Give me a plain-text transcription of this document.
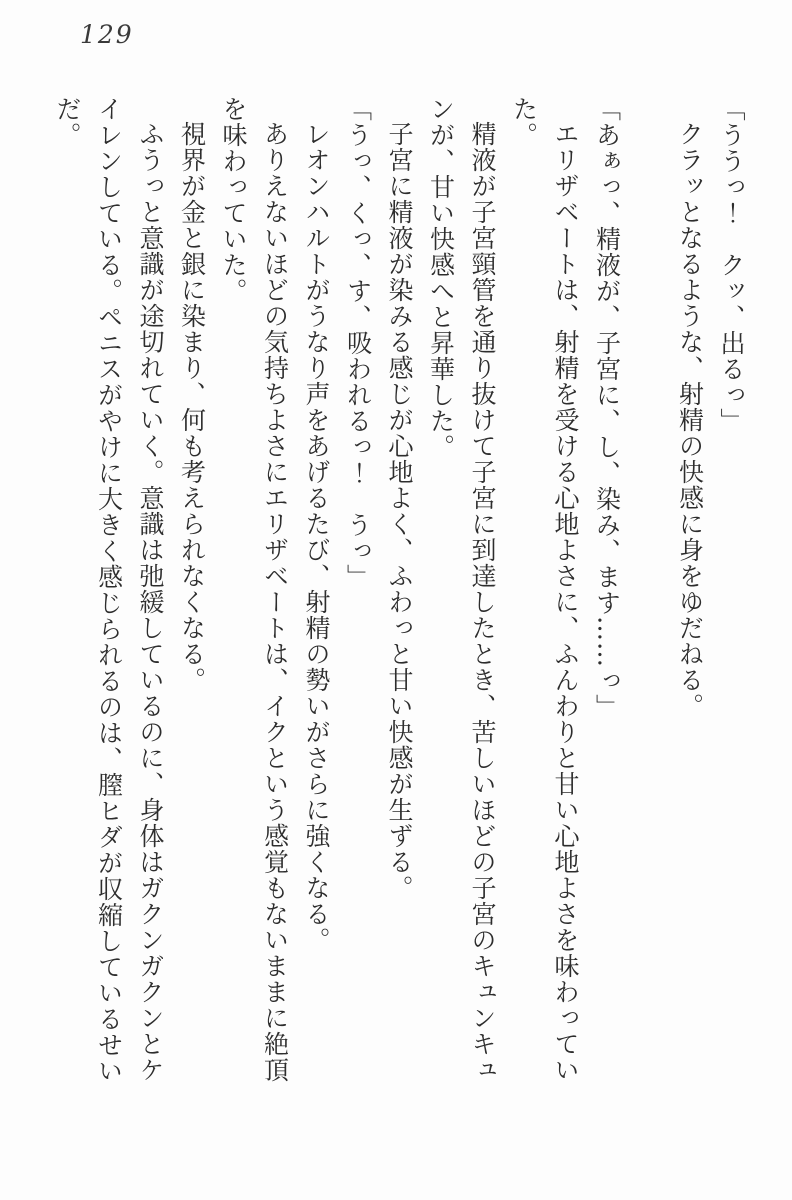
129

「ううっ！　クッ、出るっ」

クラッとなるような、射精の快感に身をゆだねる。

「あぁっ、精液が、子宮に、し、染み、ます……っ」

エリザベートは、射精を受ける心地よさに、ふんわりと甘い心地よさを味わっていた。

精液が子宮頸管を通り抜けて子宮に到達したとき、苦しいほどの子宮のキュンキュンが、甘い快感へと昇華した。

子宮に精液が染みる感じが心地よく、ふわっと甘い快感が生ずる。

「うっ、くっ、す、吸われるっ！　うっ」

レオンハルトがうなり声をあげるたび、射精の勢いがさらに強くなる。

ありえないほどの気持ちよさにエリザベートは、イクという感覚もないままに絶頂を味わっていた。

視界が金と銀に染まり、何も考えられなくなる。

ふうっと意識が途切れていく。意識は弛緩しているのに、身体はガクンガクンとケイレンしている。ペニスがやけに大きく感じられるのは、膣ヒダが収縮しているせいだ。
